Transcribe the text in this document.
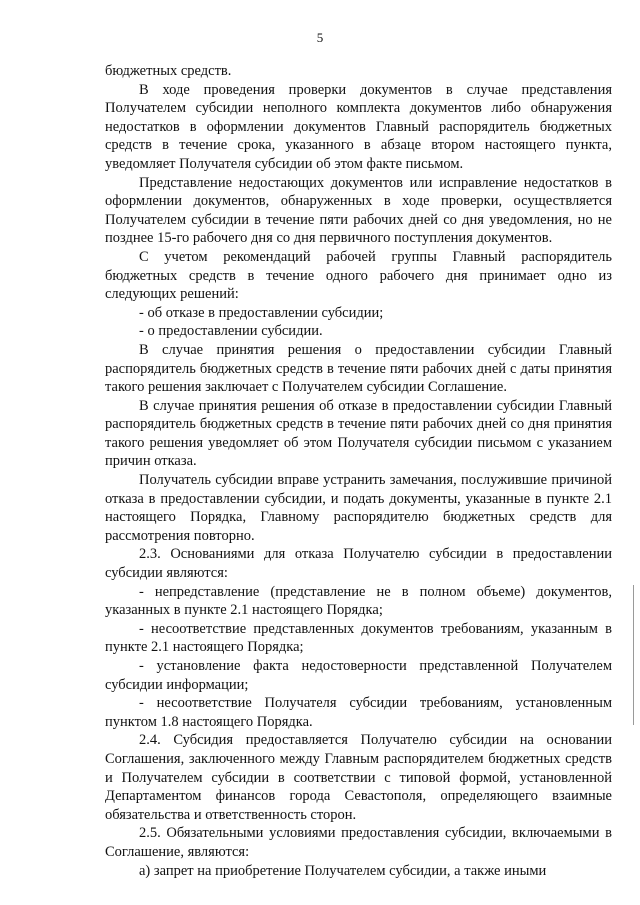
5

бюджетных средств.

В ходе проведения проверки документов в случае представления Получателем субсидии неполного комплекта документов либо обнаружения недостатков в оформлении документов Главный распорядитель бюджетных средств в течение срока, указанного в абзаце втором настоящего пункта, уведомляет Получателя субсидии об этом факте письмом.

Представление недостающих документов или исправление недостатков в оформлении документов, обнаруженных в ходе проверки, осуществляется Получателем субсидии в течение пяти рабочих дней со дня уведомления, но не позднее 15-го рабочего дня со дня первичного поступления документов.

С учетом рекомендаций рабочей группы Главный распорядитель бюджетных средств в течение одного рабочего дня принимает одно из следующих решений:

- об отказе в предоставлении субсидии;

- о предоставлении субсидии.

В случае принятия решения о предоставлении субсидии Главный распорядитель бюджетных средств в течение пяти рабочих дней с даты принятия такого решения заключает с Получателем субсидии Соглашение.

В случае принятия решения об отказе в предоставлении субсидии Главный распорядитель бюджетных средств в течение пяти рабочих дней со дня принятия такого решения уведомляет об этом Получателя субсидии письмом с указанием причин отказа.

Получатель субсидии вправе устранить замечания, послужившие причиной отказа в предоставлении субсидии, и подать документы, указанные в пункте 2.1 настоящего Порядка, Главному распорядителю бюджетных средств для рассмотрения повторно.

2.3. Основаниями для отказа Получателю субсидии в предоставлении субсидии являются:

- непредставление (представление не в полном объеме) документов, указанных в пункте 2.1 настоящего Порядка;

- несоответствие представленных документов требованиям, указанным в пункте 2.1 настоящего Порядка;

- установление факта недостоверности представленной Получателем субсидии информации;

- несоответствие Получателя субсидии требованиям, установленным пунктом 1.8 настоящего Порядка.

2.4. Субсидия предоставляется Получателю субсидии на основании Соглашения, заключенного между Главным распорядителем бюджетных средств и Получателем субсидии в соответствии с типовой формой, установленной Департаментом финансов города Севастополя, определяющего взаимные обязательства и ответственность сторон.

2.5. Обязательными условиями предоставления субсидии, включаемыми в Соглашение, являются:

а) запрет на приобретение Получателем субсидии, а также иными
